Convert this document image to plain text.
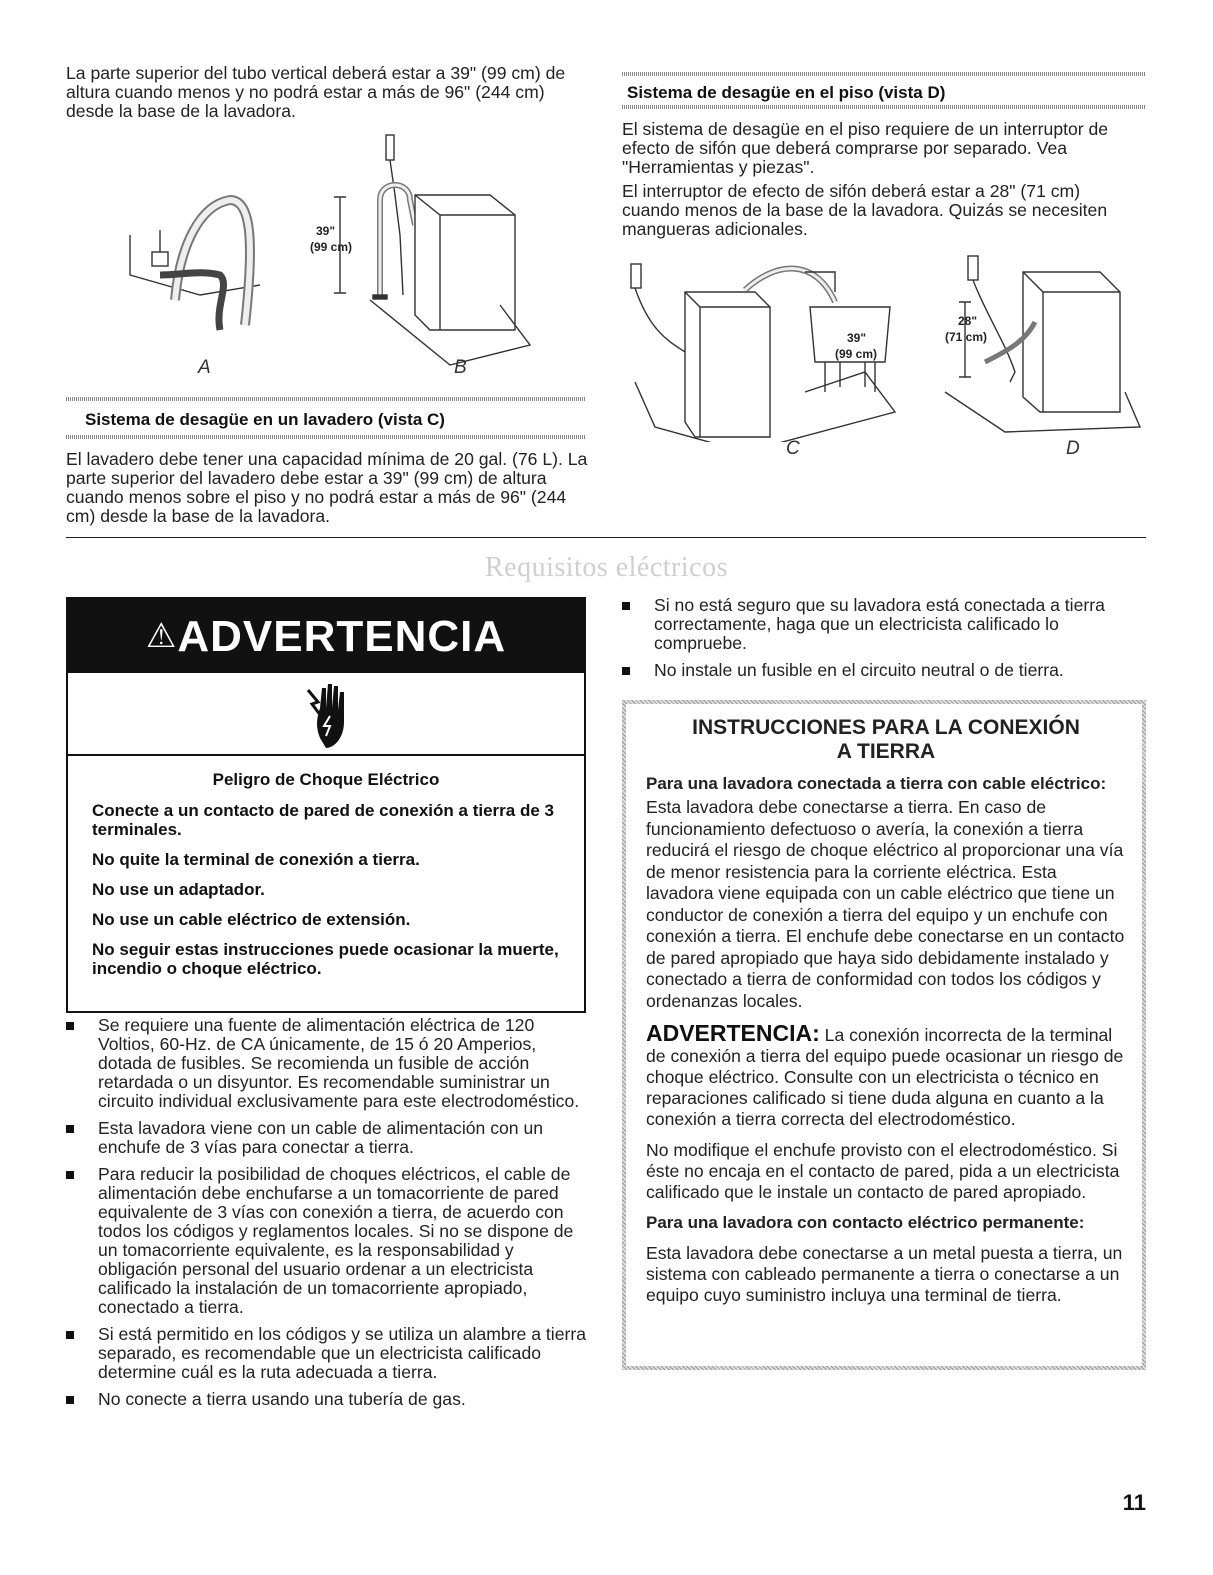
La parte superior del tubo vertical deberá estar a 39" (99 cm) de altura cuando menos y no podrá estar a más de 96" (244 cm) desde la base de la lavadora.

39"
(99 cm)
A	B
Sistema de desagüe en un lavadero (vista C)

El lavadero debe tener una capacidad mínima de 20 gal. (76 L). La parte superior del lavadero debe estar a 39" (99 cm) de altura cuando menos sobre el piso y no podrá estar a más de 96" (244 cm) desde la base de la lavadora.

Sistema de desagüe en el piso (vista D)

El sistema de desagüe en el piso requiere de un interruptor de efecto de sifón que deberá comprarse por separado. Vea "Herramientas y piezas".

El interruptor de efecto de sifón deberá estar a 28" (71 cm) cuando menos de la base de la lavadora. Quizás se necesiten mangueras adicionales.

39"
(99 cm)
28"
(71 cm)
C	D
Requisitos eléctricos
⚠ADVERTENCIA
Peligro de Choque Eléctrico

Conecte a un contacto de pared de conexión a tierra de 3 terminales.

No quite la terminal de conexión a tierra.

No use un adaptador.

No use un cable eléctrico de extensión.

No seguir estas instrucciones puede ocasionar la muerte, incendio o choque eléctrico.

Se requiere una fuente de alimentación eléctrica de 120 Voltios, 60-Hz. de CA únicamente, de 15 ó 20 Amperios, dotada de fusibles. Se recomienda un fusible de acción retardada o un disyuntor. Es recomendable suministrar un circuito individual exclusivamente para este electrodoméstico.
Esta lavadora viene con un cable de alimentación con un enchufe de 3 vías para conectar a tierra.
Para reducir la posibilidad de choques eléctricos, el cable de alimentación debe enchufarse a un tomacorriente de pared equivalente de 3 vías con conexión a tierra, de acuerdo con todos los códigos y reglamentos locales. Si no se dispone de un tomacorriente equivalente, es la responsabilidad y obligación personal del usuario ordenar a un electricista calificado la instalación de un tomacorriente apropiado, conectado a tierra.
Si está permitido en los códigos y se utiliza un alambre a tierra separado, es recomendable que un electricista calificado determine cuál es la ruta adecuada a tierra.
No conecte a tierra usando una tubería de gas.
Si no está seguro que su lavadora está conectada a tierra correctamente, haga que un electricista calificado lo compruebe.
No instale un fusible en el circuito neutral o de tierra.
INSTRUCCIONES PARA LA CONEXIÓN
A TIERRA

Para una lavadora conectada a tierra con cable eléctrico:

Esta lavadora debe conectarse a tierra. En caso de funcionamiento defectuoso o avería, la conexión a tierra reducirá el riesgo de choque eléctrico al proporcionar una vía de menor resistencia para la corriente eléctrica. Esta lavadora viene equipada con un cable eléctrico que tiene un conductor de conexión a tierra del equipo y un enchufe con conexión a tierra. El enchufe debe conectarse en un contacto de pared apropiado que haya sido debidamente instalado y conectado a tierra de conformidad con todos los códigos y ordenanzas locales.

ADVERTENCIA: La conexión incorrecta de la terminal de conexión a tierra del equipo puede ocasionar un riesgo de choque eléctrico. Consulte con un electricista o técnico en reparaciones calificado si tiene duda alguna en cuanto a la conexión a tierra correcta del electrodoméstico.

No modifique el enchufe provisto con el electrodoméstico. Si éste no encaja en el contacto de pared, pida a un electricista calificado que le instale un contacto de pared apropiado.

Para una lavadora con contacto eléctrico permanente:

Esta lavadora debe conectarse a un metal puesta a tierra, un sistema con cableado permanente a tierra o conectarse a un equipo cuyo suministro incluya una terminal de tierra.

11
